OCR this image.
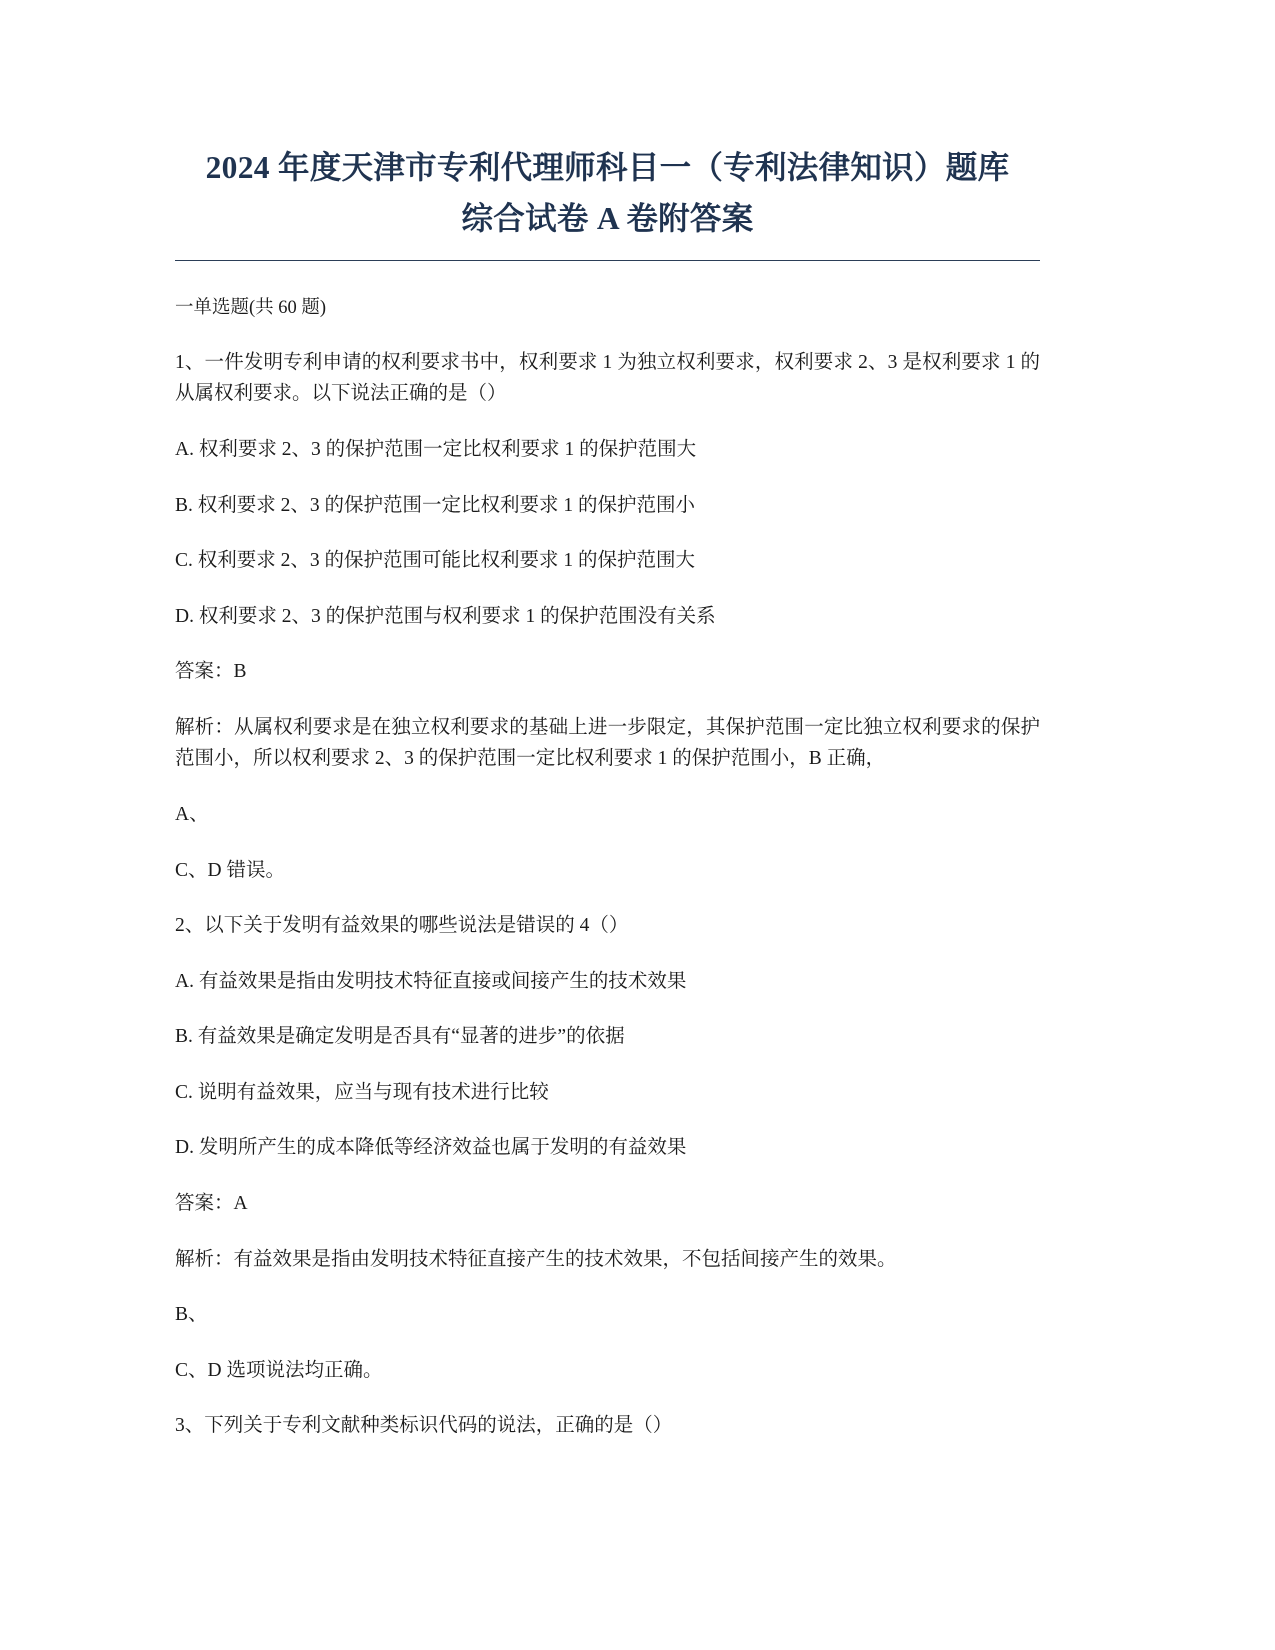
2024 年度天津市专利代理师科目一（专利法律知识）题库
综合试卷 A 卷附答案

一单选题(共 60 题)

1、一件发明专利申请的权利要求书中，权利要求 1 为独立权利要求，权利要求 2、3 是权利要求 1 的从属权利要求。以下说法正确的是（）

A. 权利要求 2、3 的保护范围一定比权利要求 1 的保护范围大

B. 权利要求 2、3 的保护范围一定比权利要求 1 的保护范围小

C. 权利要求 2、3 的保护范围可能比权利要求 1 的保护范围大

D. 权利要求 2、3 的保护范围与权利要求 1 的保护范围没有关系

答案：B

解析：从属权利要求是在独立权利要求的基础上进一步限定，其保护范围一定比独立权利要求的保护范围小，所以权利要求 2、3 的保护范围一定比权利要求 1 的保护范围小，B 正确，

A、

C、D 错误。

2、以下关于发明有益效果的哪些说法是错误的 4（）

A. 有益效果是指由发明技术特征直接或间接产生的技术效果

B. 有益效果是确定发明是否具有“显著的进步”的依据

C. 说明有益效果，应当与现有技术进行比较

D. 发明所产生的成本降低等经济效益也属于发明的有益效果

答案：A

解析：有益效果是指由发明技术特征直接产生的技术效果，不包括间接产生的效果。

B、

C、D 选项说法均正确。

3、下列关于专利文献种类标识代码的说法，正确的是（）
